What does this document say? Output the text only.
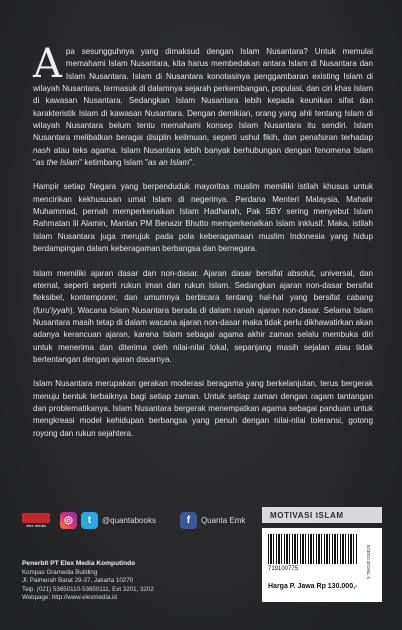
Apa sesungguhnya yang dimaksud dengan Islam Nusantara? Untuk memulai memahami Islam Nusantara, kita harus membedakan antara Islam di Nusantara dan Islam Nusantara. Islam di Nusantara konotasinya penggambaran existing Islam di wilayah Nusantara, termasuk di dalamnya sejarah perkembangan, populasi, dan ciri khas Islam di kawasan Nusantara. Sedangkan Islam Nusantara lebih kepada keunikan sifat dan karakteristik Islam di kawasan Nusantara. Dengan demikian, orang yang ahli tentang Islam di wilayah Nusantara belum tentu memahami konsep Islam Nusantara itu sendiri. Islam Nusantara melibatkan beragai disiplin keilmuan, seperti ushul fikih, dan penafsiran terhadap nash atau teks agama. Islam Nusantara lebih banyak berhubungan dengan fenomena Islam "as the Islam" ketimbang Islam "as an Islam".

Hampir setiap Negara yang berpenduduk mayoritas muslim memiliki istilah khusus untuk mencirikan kekhususan umat Islam di negerinya. Perdana Menteri Malaysia, Mahatir Muhammad, pernah memperkenalkan Islam Hadharah, Pak SBY sering menyebut Islam Rahmatan lil Alamin, Mantan PM Benazir Bhutto memperkenalkan Islam inklusif. Maka, istilah Islam Nusantara juga merujuk pada pola keberagamaan muslim Indonesia yang hidup berdampingan dalam keberagaman berbangsa dan bernegara.

Islam memiliki ajaran dasar dan non-dasar. Ajaran dasar bersifat absolut, universal, dan eternal, seperti seperti rukun iman dan rukun Islam. Sedangkan ajaran non-dasar bersifat fleksibel, kontemporer, dan umumnya berbicara tentang hal-hal yang bersifat cabang (furu'iyyah). Wacana Islam Nusantara berada di dalam ranah ajaran non-dasar. Selama Islam Nusantara masih tetap di dalam wacana ajaran non-dasar maka tidak perlu dikhawatirkan akan adanya kerancuan ajaran, karena Islam sebagai agama akhir zaman selalu membuka diri untuk menerima dan diterima oleh nilai-nilai lokal, sepanjang masih sejalan atau tidak bertentangan dengan ajaran dasarnya.

Islam Nusantara merupakan gerakan moderasi beragama yang berkelanjutan, terus bergerak menuju bentuk terbaiknya bagi setiap zaman. Untuk setiap zaman dengan ragam tantangan dan problematikanya, Islam Nusantara bergerak menempatkan agama sebagai panduan untuk mengkreasi model kehidupan berbangsa yang penuh dengan nilai-nilai toleransi, gotong royong dan rukun sejahtera.

elex media	◎	t	@quantabooks	f	Quanta Emk
Penerbit PT Elex Media Komputindo
Kompas Gramedia Building
Jl. Palmerah Barat 29-37, Jakarta 10270
Telp. (021) 53650110-53650111, Ext 3201, 3202
Webpage: http://www.elexmedia.id
MOTIVASI ISLAM
719100775	9 786230 020029
Harga P. Jawa Rp 130.000,-
